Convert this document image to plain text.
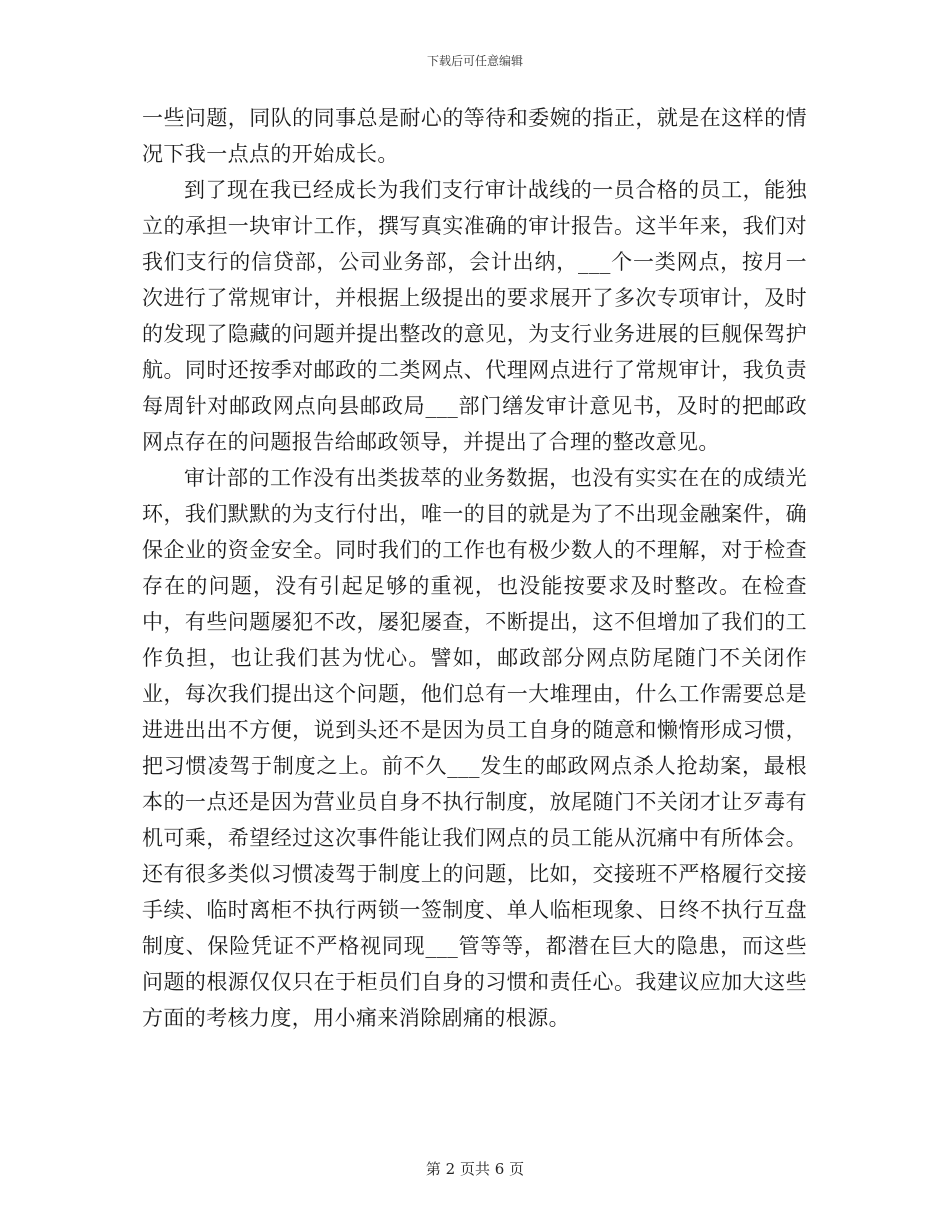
下载后可任意编辑

一些问题，同队的同事总是耐心的等待和委婉的指正，就是在这样的情况下我一点点的开始成长。

到了现在我已经成长为我们支行审计战线的一员合格的员工，能独立的承担一块审计工作，撰写真实准确的审计报告。这半年来，我们对我们支行的信贷部，公司业务部，会计出纳，___个一类网点，按月一次进行了常规审计，并根据上级提出的要求展开了多次专项审计，及时的发现了隐藏的问题并提出整改的意见，为支行业务进展的巨舰保驾护航。同时还按季对邮政的二类网点、代理网点进行了常规审计，我负责每周针对邮政网点向县邮政局___部门缮发审计意见书，及时的把邮政网点存在的问题报告给邮政领导，并提出了合理的整改意见。

审计部的工作没有出类拔萃的业务数据，也没有实实在在的成绩光环，我们默默的为支行付出，唯一的目的就是为了不出现金融案件，确保企业的资金安全。同时我们的工作也有极少数人的不理解，对于检查存在的问题，没有引起足够的重视，也没能按要求及时整改。在检查中，有些问题屡犯不改，屡犯屡查，不断提出，这不但增加了我们的工作负担，也让我们甚为忧心。譬如，邮政部分网点防尾随门不关闭作业，每次我们提出这个问题，他们总有一大堆理由，什么工作需要总是进进出出不方便，说到头还不是因为员工自身的随意和懒惰形成习惯，把习惯凌驾于制度之上。前不久___发生的邮政网点杀人抢劫案，最根本的一点还是因为营业员自身不执行制度，放尾随门不关闭才让歹毒有机可乘，希望经过这次事件能让我们网点的员工能从沉痛中有所体会。还有很多类似习惯凌驾于制度上的问题，比如，交接班不严格履行交接手续、临时离柜不执行两锁一签制度、单人临柜现象、日终不执行互盘制度、保险凭证不严格视同现___管等等，都潜在巨大的隐患，而这些问题的根源仅仅只在于柜员们自身的习惯和责任心。我建议应加大这些方面的考核力度，用小痛来消除剧痛的根源。

第 2 页共 6 页
